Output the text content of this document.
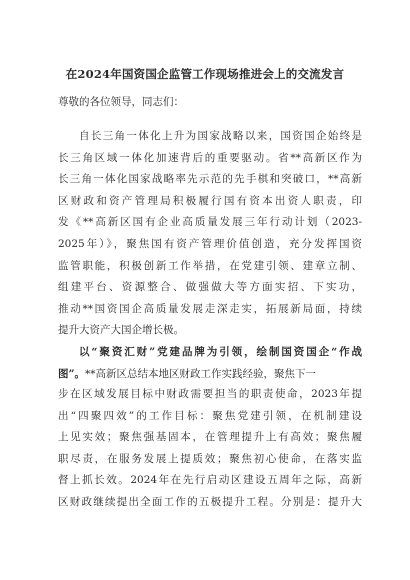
在2024年国资国企监管工作现场推进会上的交流发言
尊敬的各位领导，同志们：

自长三角一体化上升为国家战略以来，国资国企始终是

长三角区域一体化加速背后的重要驱动。省**高新区作为

长三角一体化国家战略率先示范的先手棋和突破口，**高新

区财政和资产管理局积极履行国有资本出资人职责，印

发《**高新区国有企业高质量发展三年行动计划（2023-

2025年）》，聚焦国有资产管理价值创造，充分发挥国资

监管职能，积极创新工作举措，在党建引领、建章立制、

组建平台、资源整合、做强做大等方面实招、下实功，

推动**国资国企高质量发展走深走实，拓展新局面，持续

提升大资产大国企增长极。

以“聚资汇财”党建品牌为引领，绘制国资国企“作战

图”。**高新区总结本地区财政工作实践经验，聚焦下一

步在区域发展目标中财政需要担当的职责使命，2023年提

出“四聚四效”的工作目标：聚焦党建引领，在机制建设

上见实效；聚焦强基固本，在管理提升上有高效；聚焦履

职尽责，在服务发展上提质效；聚焦初心使命，在落实监

督上抓长效。2024年在先行启动区建设五周年之际，高新

区财政继续提出全面工作的五极提升工程。分别是：提升大
